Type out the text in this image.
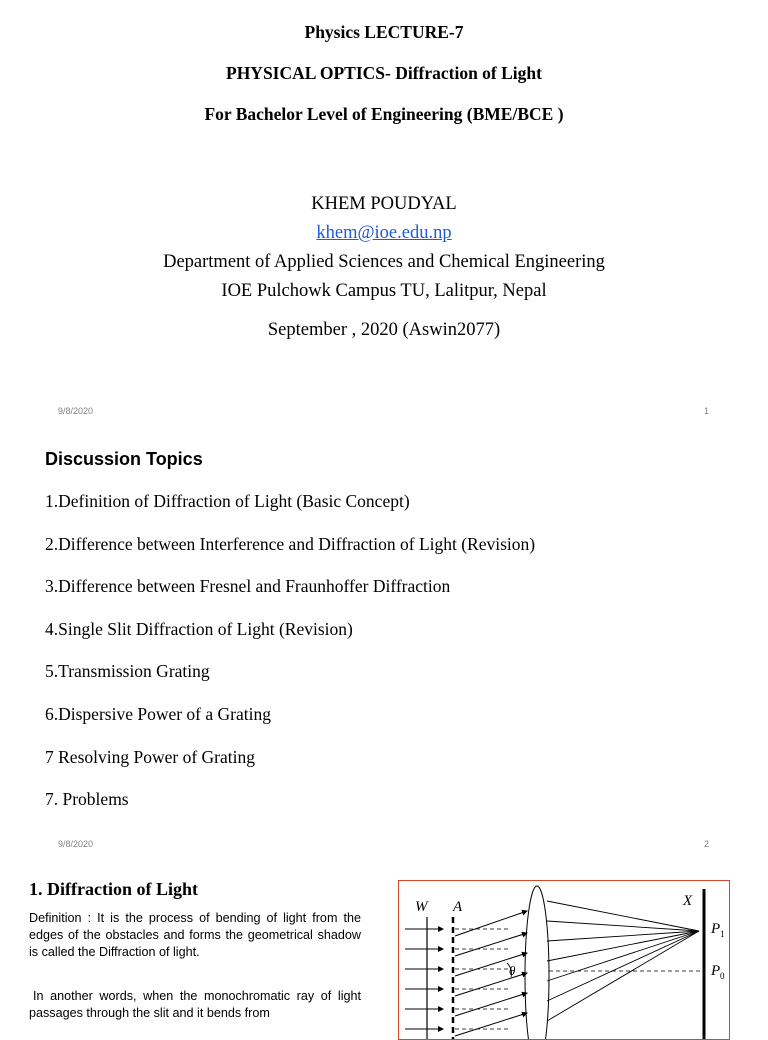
Physics LECTURE-7
PHYSICAL OPTICS- Diffraction of Light
For Bachelor Level of Engineering (BME/BCE )
KHEM POUDYAL
khem@ioe.edu.np
Department of Applied Sciences and Chemical Engineering
IOE Pulchowk Campus TU, Lalitpur, Nepal
September , 2020 (Aswin2077)
9/8/2020	1
Discussion Topics
1.Definition of Diffraction of Light (Basic Concept)
2.Difference between Interference and Diffraction of Light (Revision)
3.Difference between Fresnel and Fraunhoffer Diffraction
4.Single Slit Diffraction of Light (Revision)
5.Transmission Grating
6.Dispersive Power of a Grating
7 Resolving Power of Grating
7. Problems
9/8/2020	2
1. Diffraction of Light
Definition : It is the process of bending of light from the edges of the obstacles and forms the geometrical shadow is called the Diffraction of light.
In another words, when the monochromatic ray of light passages through the slit and it bends from
W A	X
P 1
P 0
θ
